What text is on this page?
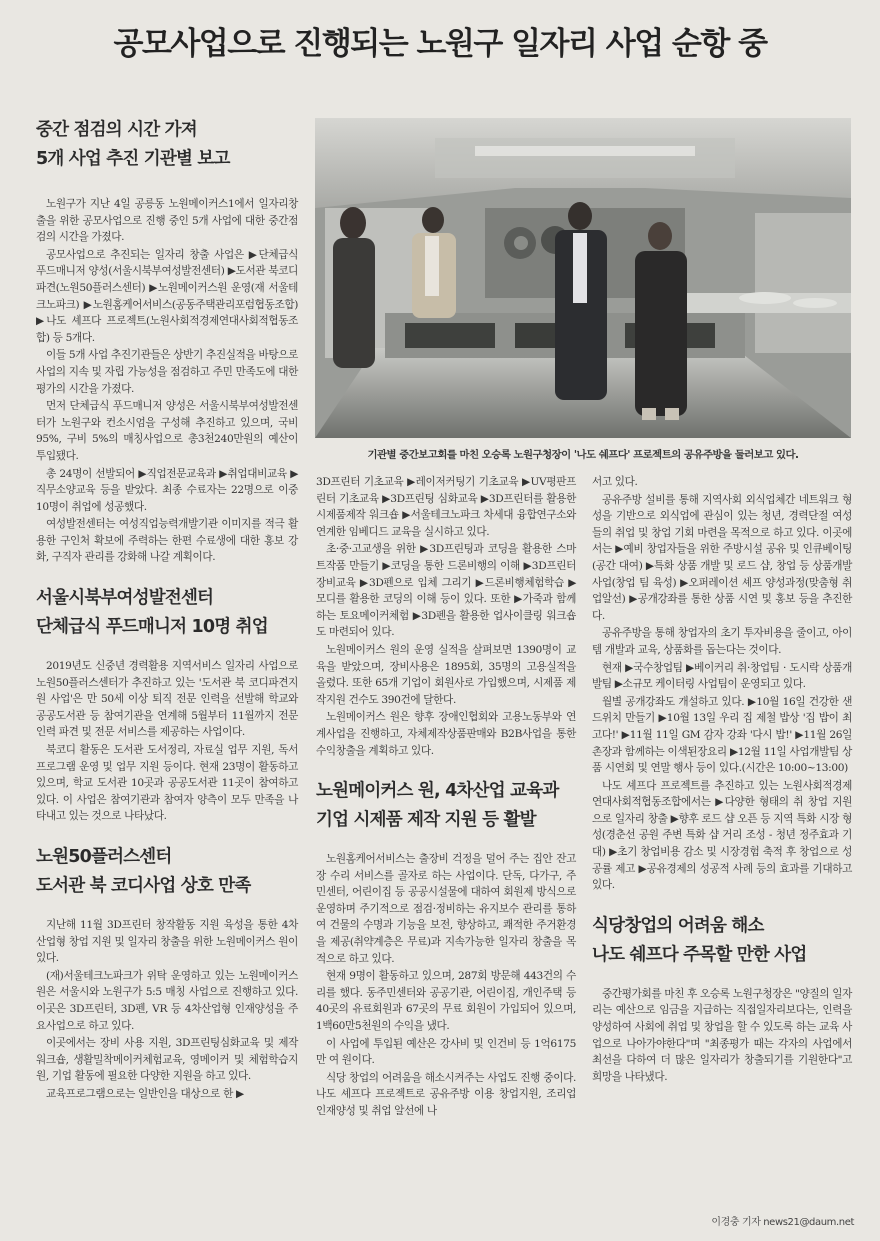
공모사업으로 진행되는 노원구 일자리 사업 순항 중
중간 점검의 시간 가져
5개 사업 추진 기관별 보고

노원구가 지난 4일 공릉동 노원메이커스1에서 일자리창출을 위한 공모사업으로 진행 중인 5개 사업에 대한 중간점검의 시간을 가졌다.

공모사업으로 추진되는 일자리 창출 사업은 ▶단체급식 푸드매니저 양성(서울시북부여성발전센터) ▶도서관 북코디 파견(노원50플러스센터) ▶노원메이커스원 운영(재 서울테크노파크) ▶노원홈케어서비스(공동주택관리포럼협동조합) ▶나도 셰프다 프로젝트(노원사회적경제연대사회적협동조합) 등 5개다.

이들 5개 사업 추진기관들은 상반기 추진실적을 바탕으로 사업의 지속 및 자립 가능성을 점검하고 주민 만족도에 대한 평가의 시간을 가졌다.

먼저 단체급식 푸드매니저 양성은 서울시북부여성발전센터가 노원구와 컨소시엄을 구성해 추진하고 있으며, 국비 95%, 구비 5%의 매칭사업으로 총3천240만원의 예산이 투입됐다.

총 24명이 선발되어 ▶직업전문교육과 ▶취업대비교육 ▶직무소양교육 등을 받았다. 최종 수료자는 22명으로 이중 10명이 취업에 성공했다.

여성발전센터는 여성직업능력개발기관 이미지를 적극 활용한 구인처 확보에 주력하는 한편 수료생에 대한 홍보 강화, 구직자 관리를 강화해 나갈 계획이다.

서울시북부여성발전센터
단체급식 푸드매니저 10명 취업

2019년도 신중년 경력활용 지역서비스 일자리 사업으로 노원50플러스센터가 추진하고 있는 '도서관 북 코디파견지원 사업'은 만 50세 이상 퇴직 전문 인력을 선발해 학교와 공공도서관 등 참여기관을 연계해 5월부터 11월까지 전문 인력 파견 및 전문 서비스를 제공하는 사업이다.

북코디 활동은 도서관 도서정리, 자료실 업무 지원, 독서 프로그램 운영 및 업무 지원 등이다. 현재 23명이 활동하고 있으며, 학교 도서관 10곳과 공공도서관 11곳이 참여하고 있다. 이 사업은 참여기관과 참여자 양측이 모두 만족을 나타내고 있는 것으로 나타났다.

노원50플러스센터
도서관 북 코디사업 상호 만족

지난해 11월 3D프린터 창작활동 지원 육성을 통한 4차산업형 창업 지원 및 일자리 창출을 위한 노원메이커스 원이 있다.

(재)서울테크노파크가 위탁 운영하고 있는 노원메이커스 원은 서울시와 노원구가 5:5 매칭 사업으로 진행하고 있다. 이곳은 3D프린터, 3D펜, VR 등 4차산업형 인재양성을 주요사업으로 하고 있다.

이곳에서는 장비 사용 지원, 3D프린팅심화교육 및 제작워크숍, 생활밀착메이커체험교육, 영메이커 및 체험학습지원, 기업 활동에 필요한 다양한 지원을 하고 있다.

교육프로그램으로는 일반인을 대상으로 한 ▶

기관별 중간보고회를 마친 오승록 노원구청장이 '나도 쉐프다' 프로젝트의 공유주방을 둘러보고 있다.

3D프린터 기초교육 ▶레이저커팅기 기초교육 ▶UV평판프린터 기초교육 ▶3D프린팅 심화교육 ▶3D프린터를 활용한 시제품제작 워크숍 ▶서울테크노파크 차세대 융합연구소와 연계한 임베디드 교육을 실시하고 있다.

초·중·고교생을 위한 ▶3D프린팅과 코딩을 활용한 스마트작품 만들기 ▶코딩을 통한 드론비행의 이해 ▶3D프린터 장비교육 ▶3D펜으로 입체 그리기 ▶드론비행체험학습 ▶모디를 활용한 코딩의 이해 등이 있다. 또한 ▶가죽과 함께하는 토요메이커체험 ▶3D펜을 활용한 업사이클링 워크숍도 마련되어 있다.

노원메이커스 원의 운영 실적을 살펴보면 1390명이 교육을 받았으며, 장비사용은 1895회, 35명의 고용실적을 올렸다. 또한 65개 기업이 회원사로 가입했으며, 시제품 제작지원 건수도 390건에 달한다.

노원메이커스 원은 향후 장애인협회와 고용노동부와 연계사업을 진행하고, 자체제작상품판매와 B2B사업을 통한 수익창출을 계획하고 있다.

노원메이커스 원, 4차산업 교육과
기업 시제품 제작 지원 등 활발

노원홈케어서비스는 출장비 걱정을 덜어 주는 집안 잔고장 수리 서비스를 골자로 하는 사업이다. 단독, 다가구, 주민센터, 어린이집 등 공공시설물에 대하여 회원제 방식으로 운영하며 주기적으로 점검·정비하는 유지보수 관리를 통하여 건물의 수명과 기능을 보전, 향상하고, 쾌적한 주거환경을 제공(취약계층은 무료)과 지속가능한 일자리 창출을 목적으로 하고 있다.

현재 9명이 활동하고 있으며, 287회 방문해 443건의 수리를 했다. 동주민센터와 공공기관, 어린이집, 개인주택 등 40곳의 유료회원과 67곳의 무료 회원이 가입되어 있으며, 1백60만5천원의 수익을 냈다.

이 사업에 투입된 예산은 강사비 및 인건비 등 1억6175만 여 원이다.

식당 창업의 어려움을 해소시켜주는 사업도 진행 중이다. 나도 셰프다 프로젝트로 공유주방 이용 창업지원, 조리업 인재양성 및 취업 알선에 나

서고 있다.

공유주방 설비를 통해 지역사회 외식업체간 네트워크 형성을 기반으로 외식업에 관심이 있는 청년, 경력단절 여성들의 취업 및 창업 기회 마련을 목적으로 하고 있다. 이곳에서는 ▶예비 창업자들을 위한 주방시설 공유 및 인큐베이팅(공간 대여) ▶특화 상품 개발 및 로드 샵, 창업 등 상품개발사업(창업 팀 육성) ▶오퍼레이션 셰프 양성과정(맞춤형 취업알선) ▶공개강좌를 통한 상품 시연 및 홍보 등을 추진한다.

공유주방을 통해 창업자의 초기 투자비용을 줄이고, 아이템 개발과 교육, 상품화를 돕는다는 것이다.

현재 ▶국수창업팀 ▶베이커리 취·창업팀 · 도시락 상품개발팀 ▶소규모 케이터링 사업팀이 운영되고 있다.

월별 공개강좌도 개설하고 있다. ▶10월 16일 건강한 샌드위치 만들기 ▶10월 13일 우리 집 제철 밥상 '집 밥이 최고다!' ▶11월 11일 GM 감자 강좌 '다시 밥!' ▶11월 26일 촌장과 함께하는 이색된장요리 ▶12월 11일 사업개발팀 상품 시연회 및 연말 행사 등이 있다.(시간은 10:00~13:00)

나도 셰프다 프로젝트를 추진하고 있는 노원사회적경제연대사회적협동조합에서는 ▶다양한 형태의 취 창업 지원으로 일자리 창출 ▶향후 로드 샵 오픈 등 지역 특화 시장 형성(경춘선 공원 주변 특화 샵 거리 조성 - 청년 정주효과 기대) ▶초기 창업비용 감소 및 시장경험 축적 후 창업으로 성공률 제고 ▶공유경제의 성공적 사례 등의 효과를 기대하고 있다.

식당창업의 어려움 해소
나도 쉐프다 주목할 만한 사업

중간평가회를 마친 후 오승록 노원구청장은 "양질의 일자리는 예산으로 임금을 지급하는 직접일자리보다는, 인력을 양성하여 사회에 취업 및 창업을 할 수 있도록 하는 교육 사업으로 나아가야한다"며 "최종평가 때는 각자의 사업에서 최선을 다하여 더 많은 일자리가 창출되기를 기원한다"고 희망을 나타냈다.

이경충 기자 news21@daum.net
